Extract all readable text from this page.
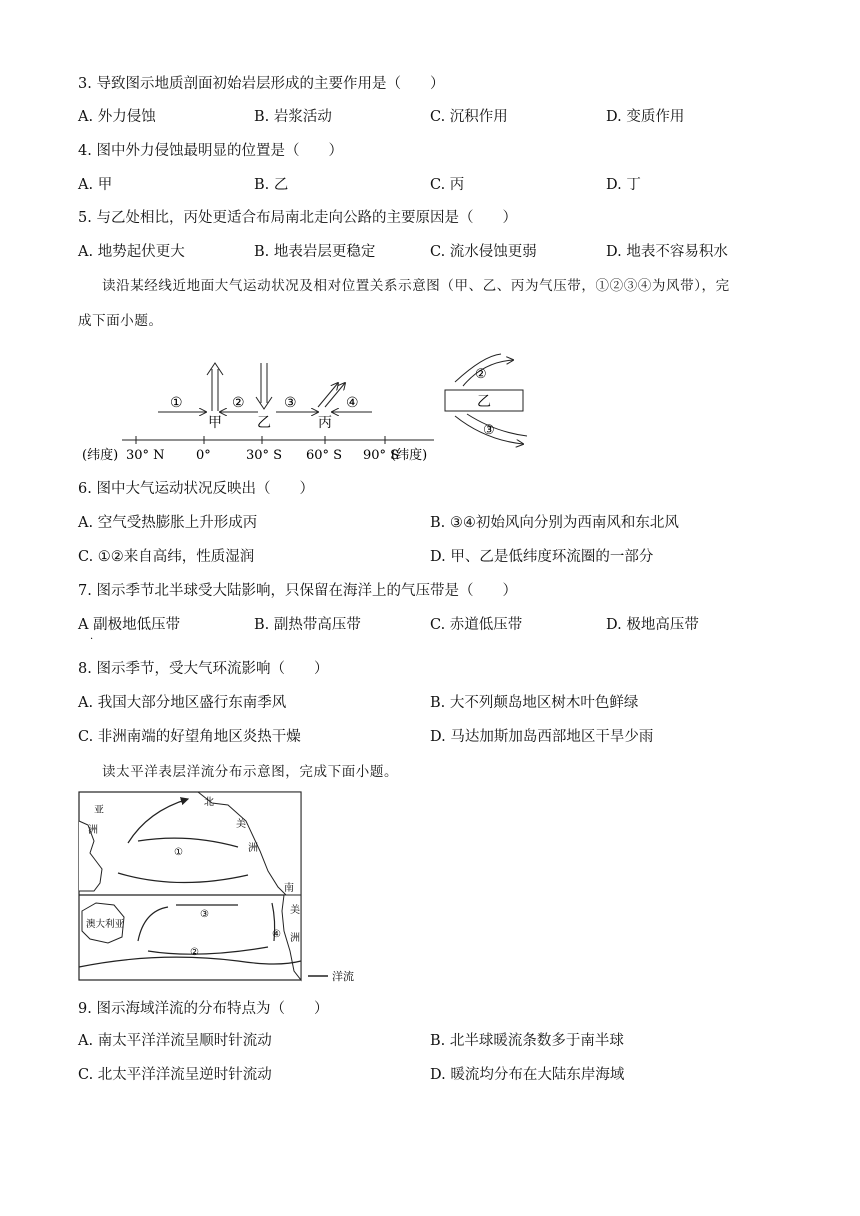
3. 导致图示地质剖面初始岩层形成的主要作用是（　　）
A. 外力侵蚀	B. 岩浆活动	C. 沉积作用	D. 变质作用
4. 图中外力侵蚀最明显的位置是（　　）
A. 甲	B. 乙	C. 丙	D. 丁
5. 与乙处相比，丙处更适合布局南北走向公路的主要原因是（　　）
A. 地势起伏更大	B. 地表岩层更稳定	C. 流水侵蚀更弱	D. 地表不容易积水
读沿某经线近地面大气运动状况及相对位置关系示意图（甲、乙、丙为气压带，①②③④为风带），完
成下面小题。
(纬度) 30° N 0°	30° S 60° S 90° S
(纬度)
甲	乙	丙
①	②	③	④	乙
②
③
6. 图中大气运动状况反映出（　　）
A. 空气受热膨胀上升形成丙	B. ③④初始风向分别为西南风和东北风
C. ①②来自高纬，性质湿润	D. 甲、乙是低纬度环流圈的一部分
7. 图示季节北半球受大陆影响，只保留在海洋上的气压带是（　　）
A 副极地低压带	B. 副热带高压带	C. 赤道低压带	D. 极地高压带
·
8. 图示季节，受大气环流影响（　　）
A. 我国大部分地区盛行东南季风	B. 大不列颠岛地区树木叶色鲜绿
C. 非洲南端的好望角地区炎热干燥	D. 马达加斯加岛西部地区干旱少雨
读太平洋表层洋流分布示意图，完成下面小题。
亚
洲
北
美
洲
南
美
洲
澳大利亚
①
③
②
④
洋流
9. 图示海域洋流的分布特点为（　　）
A. 南太平洋洋流呈顺时针流动	B. 北半球暖流条数多于南半球
C. 北太平洋洋流呈逆时针流动	D. 暖流均分布在大陆东岸海域
